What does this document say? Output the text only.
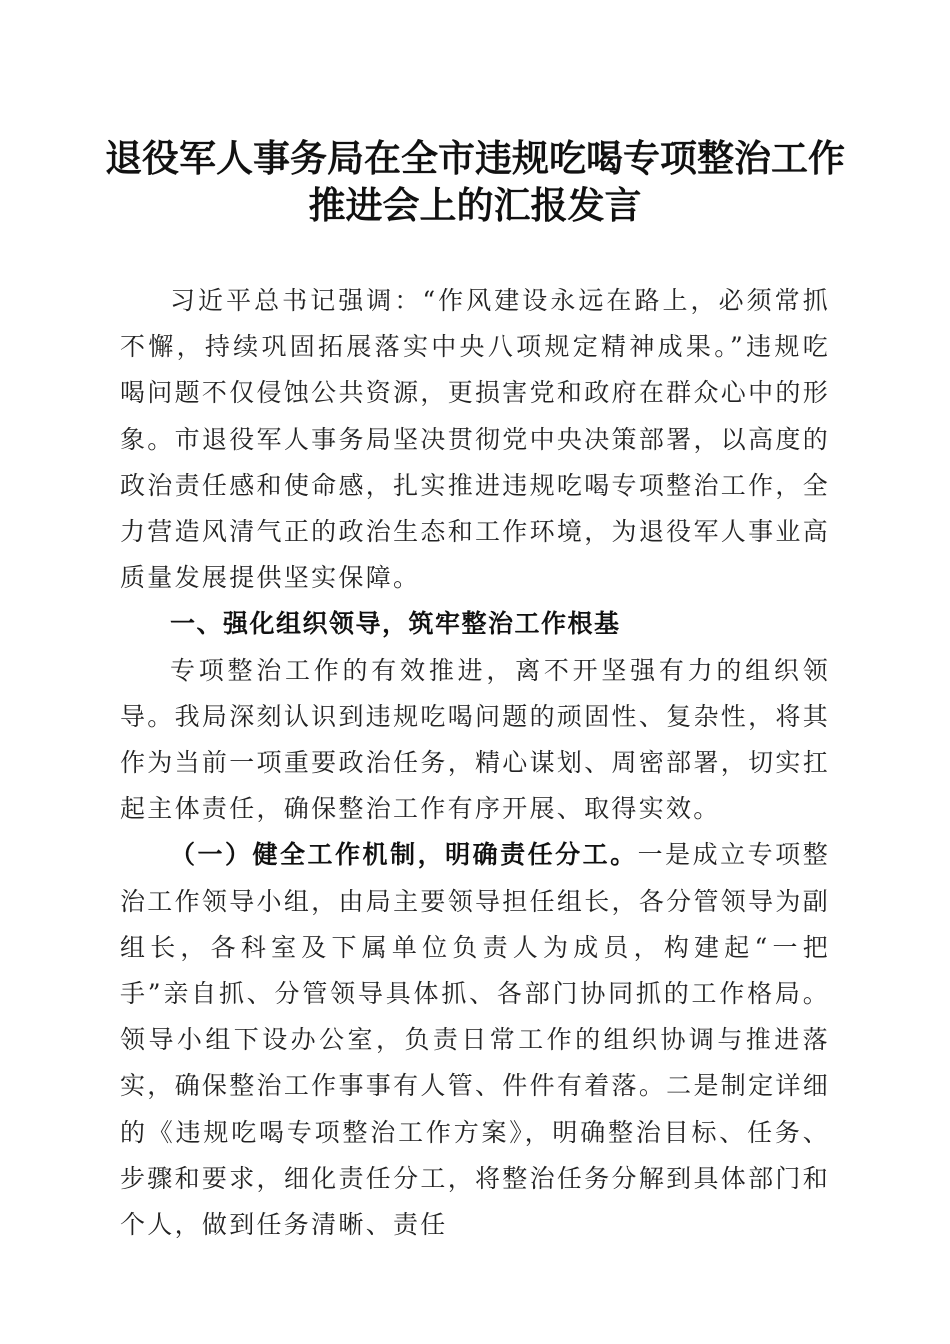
退役军人事务局在全市违规吃喝专项整治工作
推进会上的汇报发言

习近平总书记强调：“作风建设永远在路上，必须常抓不懈，持续巩固拓展落实中央八项规定精神成果。”违规吃喝问题不仅侵蚀公共资源，更损害党和政府在群众心中的形象。市退役军人事务局坚决贯彻党中央决策部署，以高度的政治责任感和使命感，扎实推进违规吃喝专项整治工作，全力营造风清气正的政治生态和工作环境，为退役军人事业高质量发展提供坚实保障。

一、强化组织领导，筑牢整治工作根基

专项整治工作的有效推进，离不开坚强有力的组织领导。我局深刻认识到违规吃喝问题的顽固性、复杂性，将其作为当前一项重要政治任务，精心谋划、周密部署，切实扛起主体责任，确保整治工作有序开展、取得实效。

（一）健全工作机制，明确责任分工。一是成立专项整治工作领导小组，由局主要领导担任组长，各分管领导为副组长，各科室及下属单位负责人为成员，构建起“一把手”亲自抓、分管领导具体抓、各部门协同抓的工作格局。领导小组下设办公室，负责日常工作的组织协调与推进落实，确保整治工作事事有人管、件件有着落。二是制定详细的《违规吃喝专项整治工作方案》，明确整治目标、任务、步骤和要求，细化责任分工，将整治任务分解到具体部门和个人，做到任务清晰、责任
